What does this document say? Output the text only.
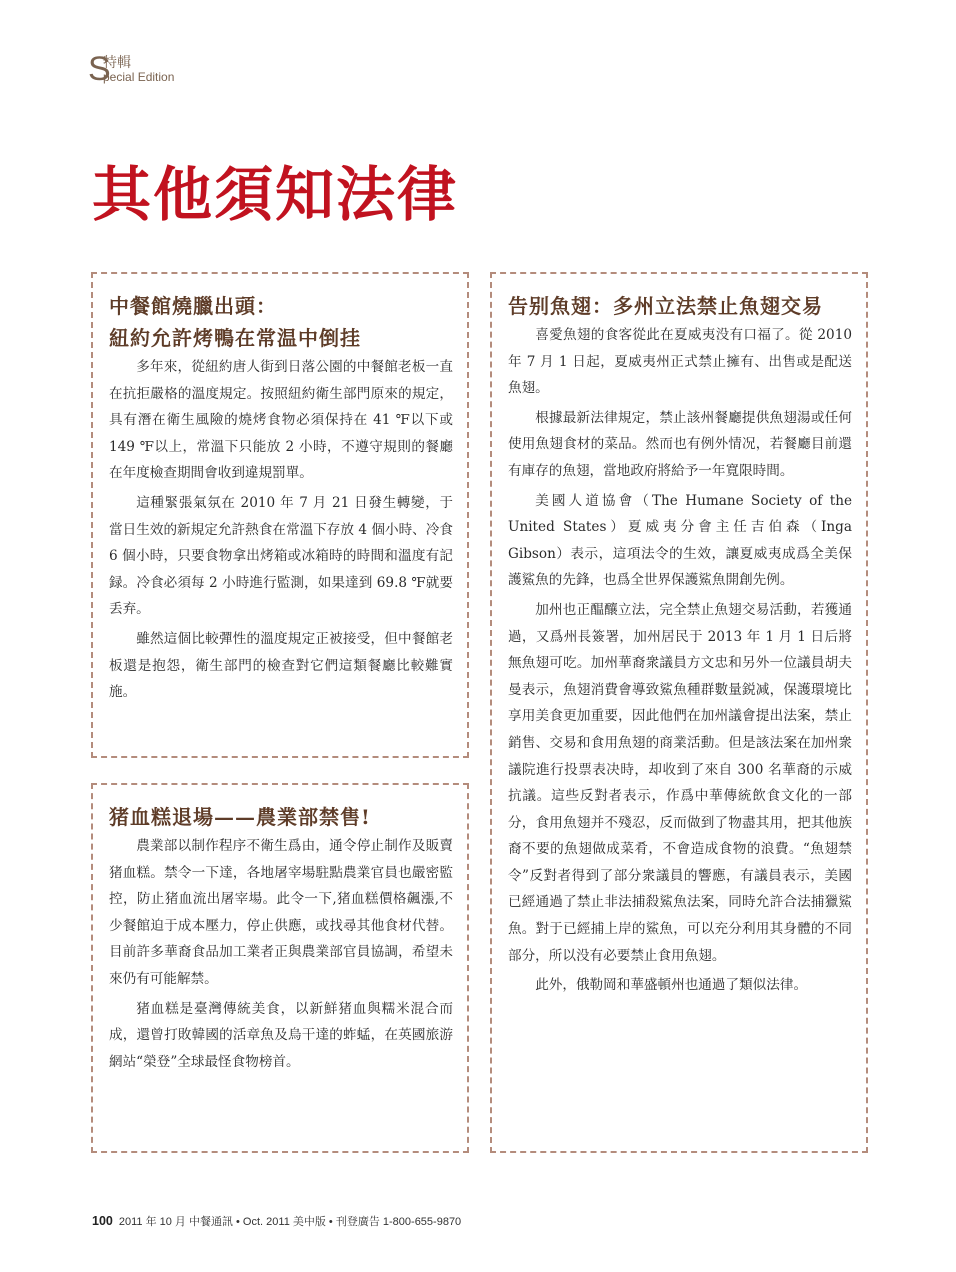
S
特輯
pecial Edition
其他須知法律
中餐館燒臘出頭：
紐約允許烤鴨在常温中倒挂

多年來，從紐約唐人街到日落公園的中餐館老板一直在抗拒嚴格的溫度規定。按照紐約衛生部門原來的規定，具有潛在衛生風險的燒烤食物必須保持在 41 ℉以下或 149 ℉以上，常溫下只能放 2 小時，不遵守規則的餐廳在年度檢查期間會收到違規罰單。

這種緊張氣氛在 2010 年 7 月 21 日發生轉變，于當日生效的新規定允許熱食在常溫下存放 4 個小時、冷食 6 個小時，只要食物拿出烤箱或冰箱時的時間和溫度有記録。冷食必須每 2 小時進行監測，如果達到 69.8 ℉就要丢弃。

雖然這個比較彈性的溫度規定正被接受，但中餐館老板還是抱怨，衛生部門的檢查對它們這類餐廳比較難實施。

猪血糕退場——農業部禁售!

農業部以制作程序不衛生爲由，通令停止制作及販賣猪血糕。禁令一下達，各地屠宰場駐點農業官員也嚴密監控，防止猪血流出屠宰場。此令一下,猪血糕價格飆漲,不少餐館迫于成本壓力，停止供應，或找尋其他食材代替。目前許多華裔食品加工業者正與農業部官員協調，希望未來仍有可能解禁。

猪血糕是臺灣傳統美食，以新鮮猪血與糯米混合而成，還曾打敗韓國的活章魚及烏干達的蚱蜢，在英國旅游網站“榮登”全球最怪食物榜首。

告别魚翅：多州立法禁止魚翅交易

喜愛魚翅的食客從此在夏威夷没有口福了。從 2010 年 7 月 1 日起，夏威夷州正式禁止擁有、出售或是配送魚翅。

根據最新法律規定，禁止該州餐廳提供魚翅湯或任何使用魚翅食材的菜品。然而也有例外情况，若餐廳目前還有庫存的魚翅，當地政府將給予一年寬限時間。

美國人道協會（The Humane Society of the United States）夏威夷分會主任吉伯森（Inga Gibson）表示，這項法令的生效，讓夏威夷成爲全美保護鯊魚的先鋒，也爲全世界保護鯊魚開創先例。

加州也正醖釀立法，完全禁止魚翅交易活動，若獲通過，又爲州長簽署，加州居民于 2013 年 1 月 1 日后將無魚翅可吃。加州華裔衆議員方文忠和另外一位議員胡夫曼表示，魚翅消費會導致鯊魚種群數量鋭减，保護環境比享用美食更加重要，因此他們在加州議會提出法案，禁止銷售、交易和食用魚翅的商業活動。但是該法案在加州衆議院進行投票表决時，却收到了來自 300 名華裔的示威抗議。這些反對者表示，作爲中華傳統飲食文化的一部分，食用魚翅并不殘忍，反而做到了物盡其用，把其他族裔不要的魚翅做成菜肴，不會造成食物的浪費。“魚翅禁令”反對者得到了部分衆議員的響應，有議員表示，美國已經通過了禁止非法捕殺鯊魚法案，同時允許合法捕獵鯊魚。對于已經捕上岸的鯊魚，可以充分利用其身體的不同部分，所以没有必要禁止食用魚翅。

此外，俄勒岡和華盛頓州也通過了類似法律。

100 2011 年 10 月 中餐通訊 • Oct. 2011 美中版 • 刊登廣告 1-800-655-9870
